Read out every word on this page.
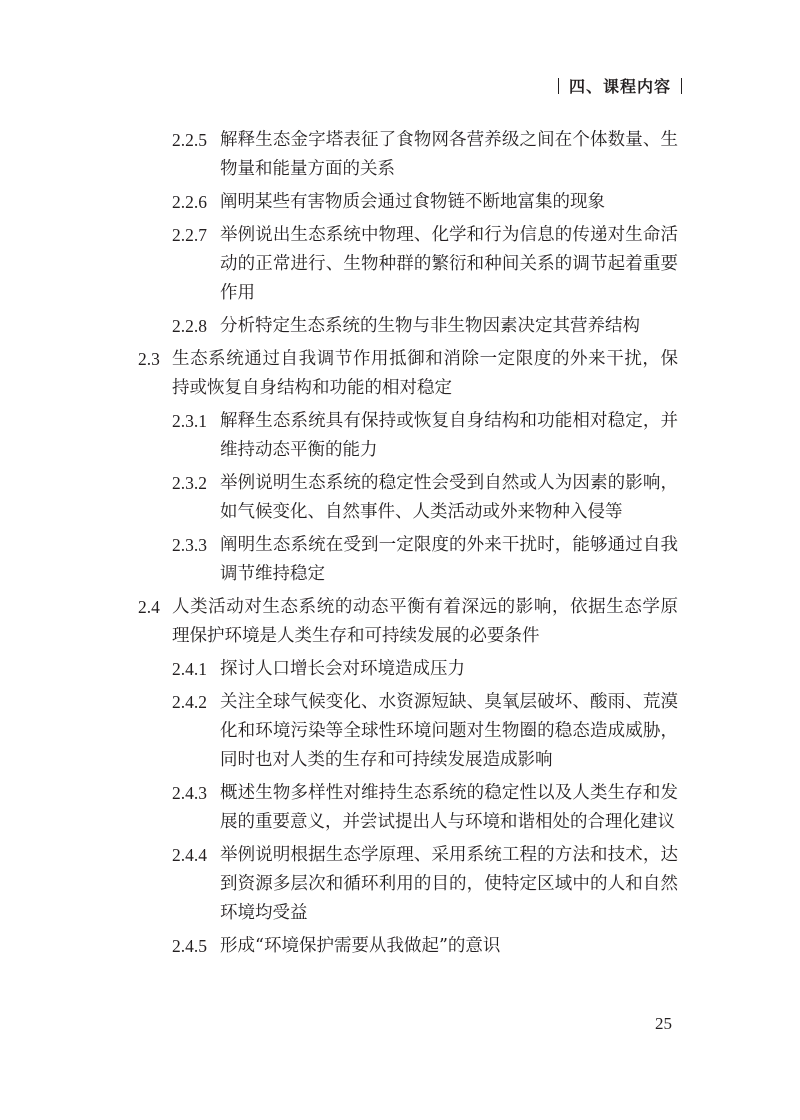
四、课程内容
2.2.5 解释生态金字塔表征了食物网各营养级之间在个体数量、生物量和能量方面的关系
2.2.6 阐明某些有害物质会通过食物链不断地富集的现象
2.2.7 举例说出生态系统中物理、化学和行为信息的传递对生命活动的正常进行、生物种群的繁衍和种间关系的调节起着重要作用
2.2.8 分析特定生态系统的生物与非生物因素决定其营养结构
2.3 生态系统通过自我调节作用抵御和消除一定限度的外来干扰，保持或恢复自身结构和功能的相对稳定
2.3.1 解释生态系统具有保持或恢复自身结构和功能相对稳定，并维持动态平衡的能力
2.3.2 举例说明生态系统的稳定性会受到自然或人为因素的影响，如气候变化、自然事件、人类活动或外来物种入侵等
2.3.3 阐明生态系统在受到一定限度的外来干扰时，能够通过自我调节维持稳定
2.4 人类活动对生态系统的动态平衡有着深远的影响，依据生态学原理保护环境是人类生存和可持续发展的必要条件
2.4.1 探讨人口增长会对环境造成压力
2.4.2 关注全球气候变化、水资源短缺、臭氧层破坏、酸雨、荒漠化和环境污染等全球性环境问题对生物圈的稳态造成威胁，同时也对人类的生存和可持续发展造成影响
2.4.3 概述生物多样性对维持生态系统的稳定性以及人类生存和发展的重要意义，并尝试提出人与环境和谐相处的合理化建议
2.4.4 举例说明根据生态学原理、采用系统工程的方法和技术，达到资源多层次和循环利用的目的，使特定区域中的人和自然环境均受益
2.4.5 形成“环境保护需要从我做起”的意识
25
